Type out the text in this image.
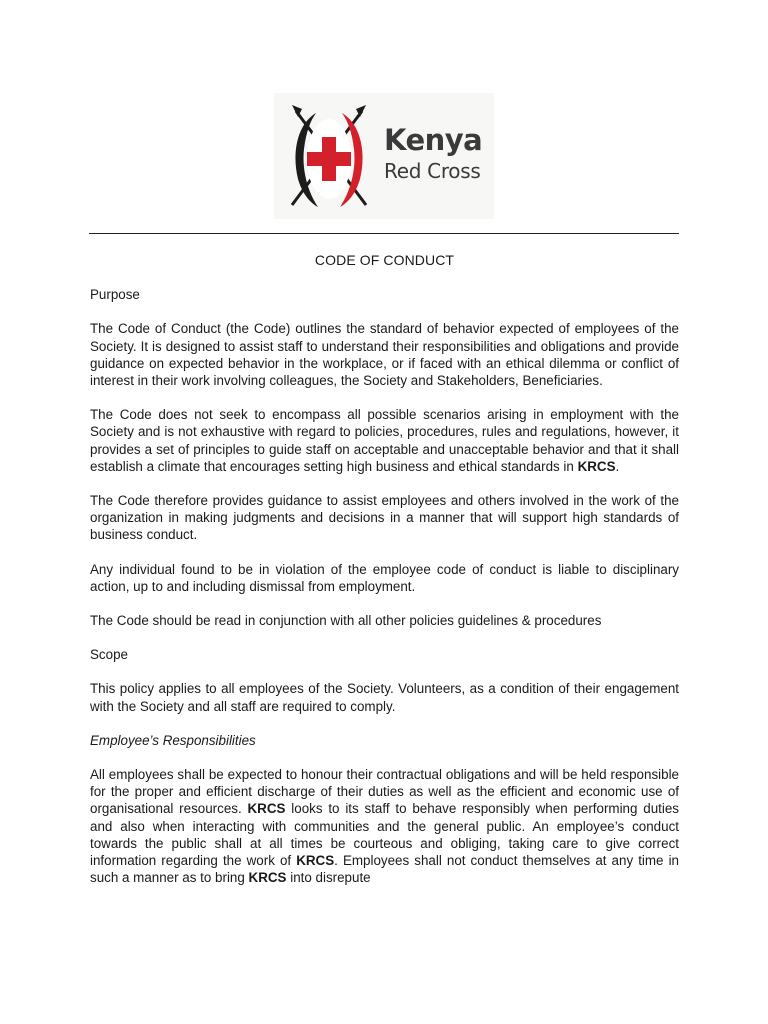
Kenya
Red Cross
CODE OF CONDUCT
Purpose

The Code of Conduct (the Code) outlines the standard of behavior expected of employees of the Society. It is designed to assist staff to understand their responsibilities and obligations and provide guidance on expected behavior in the workplace, or if faced with an ethical dilemma or conflict of interest in their work involving colleagues, the Society and Stakeholders, Beneficiaries.

The Code does not seek to encompass all possible scenarios arising in employment with the Society and is not exhaustive with regard to policies, procedures, rules and regulations, however, it provides a set of principles to guide staff on acceptable and unacceptable behavior and that it shall establish a climate that encourages setting high business and ethical standards in KRCS.

The Code therefore provides guidance to assist employees and others involved in the work of the organization in making judgments and decisions in a manner that will support high standards of business conduct.

Any individual found to be in violation of the employee code of conduct is liable to disciplinary action, up to and including dismissal from employment.

The Code should be read in conjunction with all other policies guidelines & procedures

Scope

This policy applies to all employees of the Society. Volunteers, as a condition of their engagement with the Society and all staff are required to comply.

Employee’s Responsibilities

All employees shall be expected to honour their contractual obligations and will be held responsible for the proper and efficient discharge of their duties as well as the efficient and economic use of organisational resources. KRCS looks to its staff to behave responsibly when performing duties and also when interacting with communities and the general public. An employee’s conduct towards the public shall at all times be courteous and obliging, taking care to give correct information regarding the work of KRCS. Employees shall not conduct themselves at any time in such a manner as to bring KRCS into disrepute
